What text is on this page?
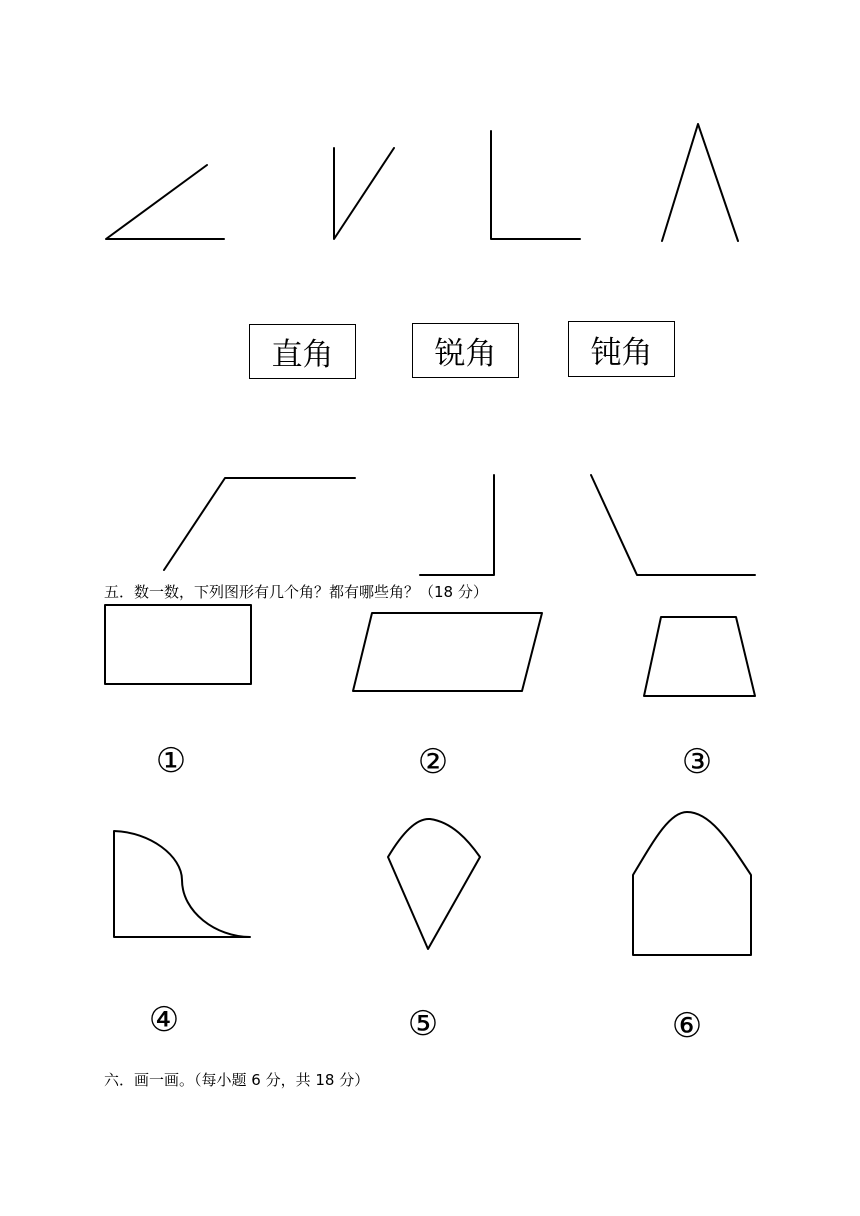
直角	锐角	钝角
五．数一数，下列图形有几个角？都有哪些角？（18 分）
①	②	③
④	⑤	⑥
六．画一画。（每小题 6 分，共 18 分）
